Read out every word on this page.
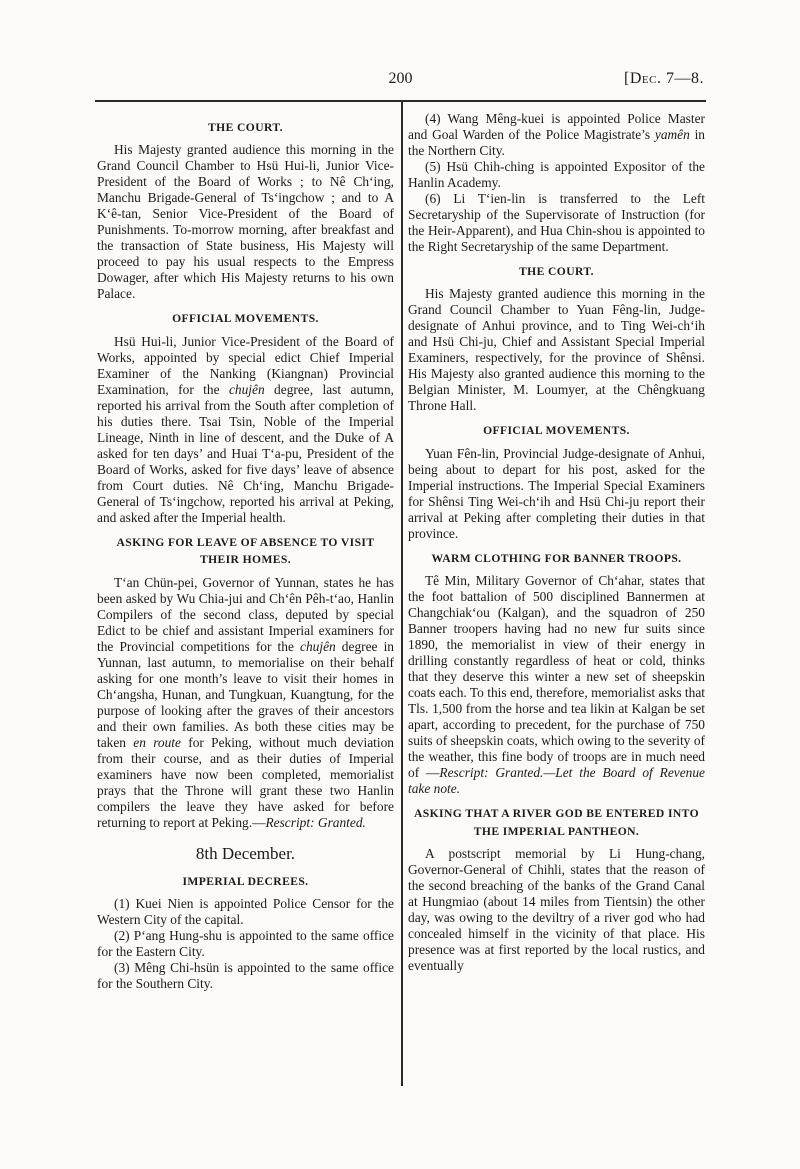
200	[Dec. 7—8.
THE COURT.

His Majesty granted audience this morning in the Grand Council Chamber to Hsü Hui-li, Junior Vice-President of the Board of Works ; to Nê Ch‘ing, Manchu Brigade-General of Ts‘ingchow ; and to A K‘ê-tan, Senior Vice-President of the Board of Punishments. To-morrow morning, after breakfast and the transaction of State business, His Majesty will proceed to pay his usual respects to the Empress Dowager, after which His Majesty returns to his own Palace.

OFFICIAL MOVEMENTS.

Hsü Hui-li, Junior Vice-President of the Board of Works, appointed by special edict Chief Imperial Examiner of the Nanking (Kiangnan) Provincial Examination, for the chujên degree, last autumn, reported his arrival from the South after completion of his duties there. Tsai Tsin, Noble of the Imperial Lineage, Ninth in line of descent, and the Duke of A asked for ten days’ and Huai T‘a-pu, President of the Board of Works, asked for five days’ leave of absence from Court duties. Nê Ch‘ing, Manchu Brigade-General of Ts‘ingchow, reported his arrival at Peking, and asked after the Imperial health.

ASKING FOR LEAVE OF ABSENCE TO VISIT THEIR HOMES.

T‘an Chün-pei, Governor of Yunnan, states he has been asked by Wu Chia-jui and Ch‘ên Pêh-t‘ao, Hanlin Compilers of the second class, deputed by special Edict to be chief and assistant Imperial examiners for the Provincial competitions for the chujên degree in Yunnan, last autumn, to memorialise on their behalf asking for one month’s leave to visit their homes in Ch‘angsha, Hunan, and Tungkuan, Kuangtung, for the purpose of looking after the graves of their ancestors and their own families. As both these cities may be taken en route for Peking, without much deviation from their course, and as their duties of Imperial examiners have now been completed, memorialist prays that the Throne will grant these two Hanlin compilers the leave they have asked for before returning to report at Peking.—Rescript: Granted.

8th December.
IMPERIAL DECREES.

(1) Kuei Nien is appointed Police Censor for the Western City of the capital.

(2) P‘ang Hung-shu is appointed to the same office for the Eastern City.

(3) Mêng Chi-hsün is appointed to the same office for the Southern City.

(4) Wang Mêng-kuei is appointed Police Master and Goal Warden of the Police Magistrate’s yamên in the Northern City.

(5) Hsü Chih-ching is appointed Expositor of the Hanlin Academy.

(6) Li T‘ien-lin is transferred to the Left Secretaryship of the Supervisorate of Instruction (for the Heir-Apparent), and Hua Chin-shou is appointed to the Right Secretaryship of the same Department.

THE COURT.

His Majesty granted audience this morning in the Grand Council Chamber to Yuan Fêng-lin, Judge-designate of Anhui province, and to Ting Wei-ch‘ih and Hsü Chi-ju, Chief and Assistant Special Imperial Examiners, respectively, for the province of Shênsi. His Majesty also granted audience this morning to the Belgian Minister, M. Loumyer, at the Chêngkuang Throne Hall.

OFFICIAL MOVEMENTS.

Yuan Fên-lin, Provincial Judge-designate of Anhui, being about to depart for his post, asked for the Imperial instructions. The Imperial Special Examiners for Shênsi Ting Wei-ch‘ih and Hsü Chi-ju report their arrival at Peking after completing their duties in that province.

WARM CLOTHING FOR BANNER TROOPS.

Tê Min, Military Governor of Ch‘ahar, states that the foot battalion of 500 disciplined Bannermen at Changchiak‘ou (Kalgan), and the squadron of 250 Banner troopers having had no new fur suits since 1890, the memorialist in view of their energy in drilling constantly regardless of heat or cold, thinks that they deserve this winter a new set of sheepskin coats each. To this end, therefore, memorialist asks that Tls. 1,500 from the horse and tea likin at Kalgan be set apart, according to precedent, for the purchase of 750 suits of sheepskin coats, which owing to the severity of the weather, this fine body of troops are in much need of —Rescript: Granted.—Let the Board of Revenue take note.

ASKING THAT A RIVER GOD BE ENTERED INTO THE IMPERIAL PANTHEON.

A postscript memorial by Li Hung-chang, Governor-General of Chihli, states that the reason of the second breaching of the banks of the Grand Canal at Hungmiao (about 14 miles from Tientsin) the other day, was owing to the deviltry of a river god who had concealed himself in the vicinity of that place. His presence was at first reported by the local rustics, and eventually
